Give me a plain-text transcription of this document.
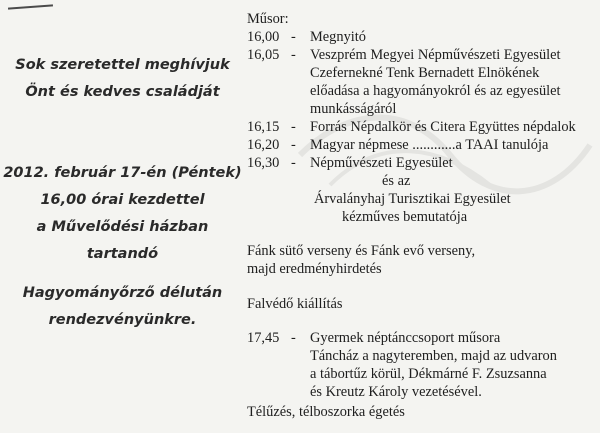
Sok szeretettel meghívjuk
Önt és kedves családját
2012. február 17-én (Péntek)
16,00 órai kezdettel
a Művelődési házban tartandó
Hagyományőrző délután
rendezvényünkre.
Műsor:
16,00 - Megnyitó
16,05 - Veszprém Megyei Népművészeti Egyesület
Czefernekné Tenk Bernadett Elnökének
előadása a hagyományokról és az egyesület
munkásságáról
16,15 - Forrás Népdalkör és Citera Együttes népdalok
16,20 - Magyar népmese ............a TAAI tanulója
16,30 - Népművészeti Egyesület
és az
Árvalányhaj Turisztikai Egyesület
kézműves bemutatója
Fánk sütő verseny és Fánk evő verseny,
majd eredményhirdetés
Falvédő kiállítás
17,45 - Gyermek néptánccsoport műsora
Táncház a nagyteremben, majd az udvaron
a tábortűz körül, Dékmárné F. Zsuzsanna
és Kreutz Károly vezetésével.
Télűzés, télboszorka égetés
